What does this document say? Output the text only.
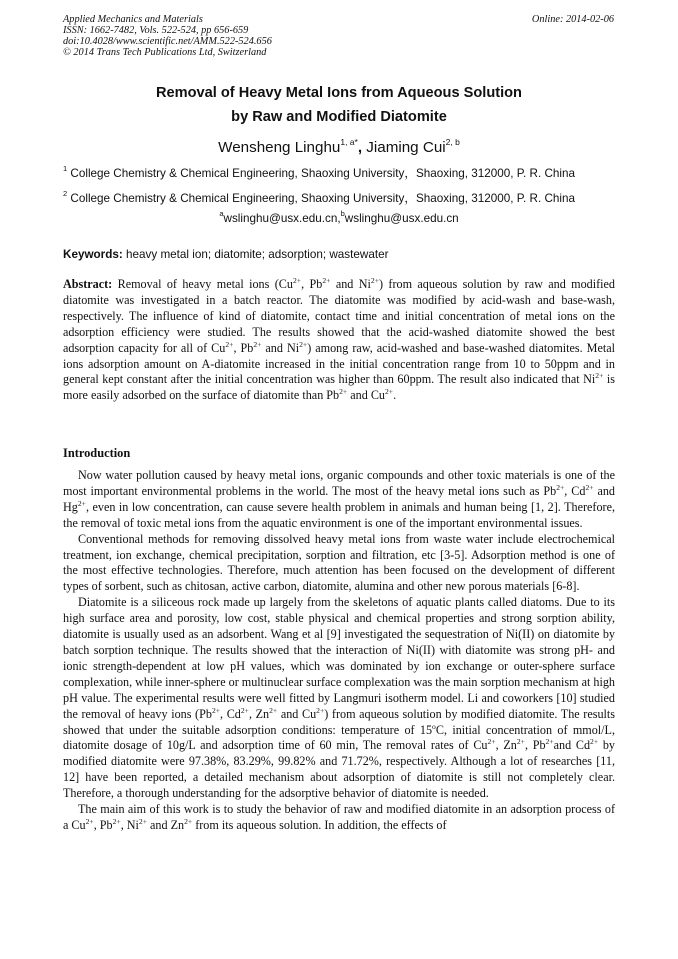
Applied Mechanics and Materials
ISSN: 1662-7482, Vols. 522-524, pp 656-659
doi:10.4028/www.scientific.net/AMM.522-524.656
© 2014 Trans Tech Publications Ltd, Switzerland
Online: 2014-02-06
Removal of Heavy Metal Ions from Aqueous Solution
by Raw and Modified Diatomite
Wensheng Linghu$^{1, a*}$, Jiaming Cui$^{2, b}$
$^1$ College Chemistry & Chemical Engineering, Shaoxing University，Shaoxing, 312000, P. R. China
$^2$ College Chemistry & Chemical Engineering, Shaoxing University，Shaoxing, 312000, P. R. China
$^a$wslinghu@usx.edu.cn,$^b$wslinghu@usx.edu.cn
Keywords: heavy metal ion; diatomite; adsorption; wastewater
Abstract: Removal of heavy metal ions ($Cu^{2+}$, $Pb^{2+}$ and $Ni^{2+}$) from aqueous solution by raw and modified diatomite was investigated in a batch reactor. The diatomite was modified by acid-wash and base-wash, respectively. The influence of kind of diatomite, contact time and initial concentration of metal ions on the adsorption efficiency were studied. The results showed that the acid-washed diatomite showed the best adsorption capacity for all of $Cu^{2+}$, $Pb^{2+}$ and $Ni^{2+}$) among raw, acid-washed and base-washed diatomites. Metal ions adsorption amount on A-diatomite increased in the initial concentration range from 10 to 50ppm and in general kept constant after the initial concentration was higher than 60ppm. The result also indicated that $Ni^{2+}$ is more easily adsorbed on the surface of diatomite than $Pb^{2+}$ and $Cu^{2+}$.
Introduction

Now water pollution caused by heavy metal ions, organic compounds and other toxic materials is one of the most important environmental problems in the world. The most of the heavy metal ions such as $Pb^{2+}$, $Cd^{2+}$ and $Hg^{2+}$, even in low concentration, can cause severe health problem in animals and human being [1, 2]. Therefore, the removal of toxic metal ions from the aquatic environment is one of the important environmental issues.

Conventional methods for removing dissolved heavy metal ions from waste water include electrochemical treatment, ion exchange, chemical precipitation, sorption and filtration, etc [3-5]. Adsorption method is one of the most effective technologies. Therefore, much attention has been focused on the development of different types of sorbent, such as chitosan, active carbon, diatomite, alumina and other new porous materials [6-8].

Diatomite is a siliceous rock made up largely from the skeletons of aquatic plants called diatoms. Due to its high surface area and porosity, low cost, stable physical and chemical properties and strong sorption ability, diatomite is usually used as an adsorbent. Wang et al [9] investigated the sequestration of Ni(II) on diatomite by batch sorption technique. The results showed that the interaction of Ni(II) with diatomite was strong pH- and ionic strength-dependent at low pH values, which was dominated by ion exchange or outer-sphere surface complexation, while inner-sphere or multinuclear surface complexation was the main sorption mechanism at high pH value. The experimental results were well fitted by Langmuri isotherm model. Li and coworkers [10] studied the removal of heavy ions ($Pb^{2+}$, $Cd^{2+}$, $Zn^{2+}$ and $Cu^{2+}$) from aqueous solution by modified diatomite. The results showed that under the suitable adsorption conditions: temperature of 15$^o$C, initial concentration of mmol/L, diatomite dosage of 10g/L and adsorption time of 60 min, The removal rates of $Cu^{2+}$, $Zn^{2+}$, $Pb^{2+}and$ $Cd^{2+}$ by modified diatomite were 97.38%, 83.29%, 99.82% and 71.72%, respectively. Although a lot of researches [11, 12] have been reported, a detailed mechanism about adsorption of diatomite is still not completely clear. Therefore, a thorough understanding for the adsorptive behavior of diatomite is needed.

The main aim of this work is to study the behavior of raw and modified diatomite in an adsorption process of a $Cu^{2+}$, $Pb^{2+}$, $Ni^{2+}$ and $Zn^{2+}$ from its aqueous solution. In addition, the effects of
